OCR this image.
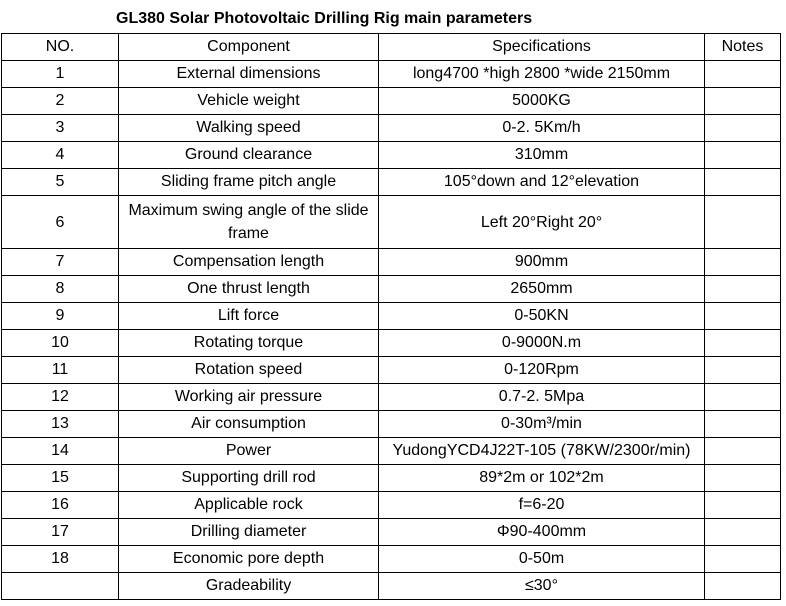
GL380 Solar Photovoltaic Drilling Rig main parameters
NO.	Component	Specifications	Notes
1	External dimensions	long4700 *high 2800 *wide 2150mm	
2	Vehicle weight	5000KG	
3	Walking speed	0-2. 5Km/h	
4	Ground clearance	310mm	
5	Sliding frame pitch angle	105°down and 12°elevation	
6	Maximum swing angle of the slide frame	Left 20°Right 20°	
7	Compensation length	900mm	
8	One thrust length	2650mm	
9	Lift force	0-50KN	
10	Rotating torque	0-9000N.m	
11	Rotation speed	0-120Rpm	
12	Working air pressure	0.7-2. 5Mpa	
13	Air consumption	0-30m³/min	
14	Power	YudongYCD4J22T-105 (78KW/2300r/min)	
15	Supporting drill rod	89*2m or 102*2m	
16	Applicable rock	f=6-20	
17	Drilling diameter	Φ90-400mm	
18	Economic pore depth	0-50m	
	Gradeability	≤30°	
